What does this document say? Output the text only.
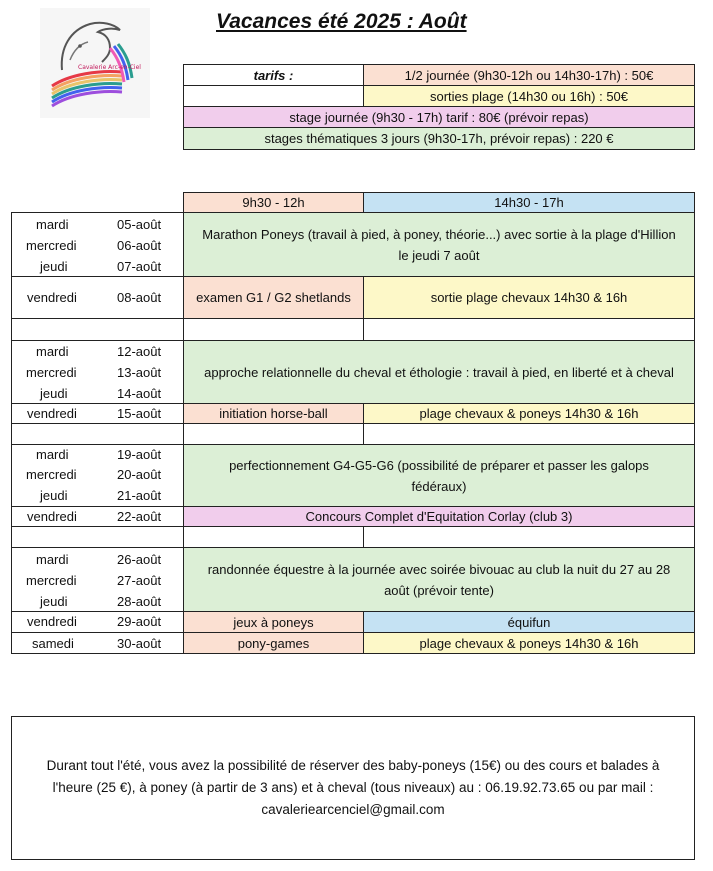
Cavalerie Arc-en-Ciel
Vacances été 2025 : Août
tarifs :	1/2 journée (9h30-12h ou 14h30-17h) : 50€
sorties plage (14h30 ou 16h) : 50€
stage journée (9h30 - 17h) tarif : 80€ (prévoir repas)
stages thématiques 3 jours (9h30-17h, prévoir repas) : 220 €
9h30 - 12h	14h30 - 17h
mardi	05-août
mercredi	06-août
jeudi	07-août
Marathon Poneys (travail à pied, à poney, théorie...) avec sortie à la plage d'Hillion le jeudi 7 août
vendredi	08-août	examen G1 / G2 shetlands	sortie plage chevaux 14h30 & 16h
mardi	12-août
mercredi	13-août
jeudi	14-août
approche relationnelle du cheval et éthologie : travail à pied, en liberté et à cheval
vendredi	15-août	initiation horse-ball	plage chevaux & poneys 14h30 & 16h
mardi	19-août
mercredi	20-août
jeudi	21-août
perfectionnement G4-G5-G6 (possibilité de préparer et passer les galops fédéraux)
vendredi	22-août	Concours Complet d'Equitation Corlay (club 3)
mardi	26-août
mercredi	27-août
jeudi	28-août
randonnée équestre à la journée avec soirée bivouac au club la nuit du 27 au 28 août (prévoir tente)
vendredi	29-août	jeux à poneys	équifun
samedi	30-août	pony-games	plage chevaux & poneys 14h30 & 16h
Durant tout l'été, vous avez la possibilité de réserver des baby-poneys (15€) ou des cours et balades à l'heure (25 €), à poney (à partir de 3 ans) et à cheval (tous niveaux) au : 06.19.92.73.65 ou par mail : cavaleriearcenciel@gmail.com
